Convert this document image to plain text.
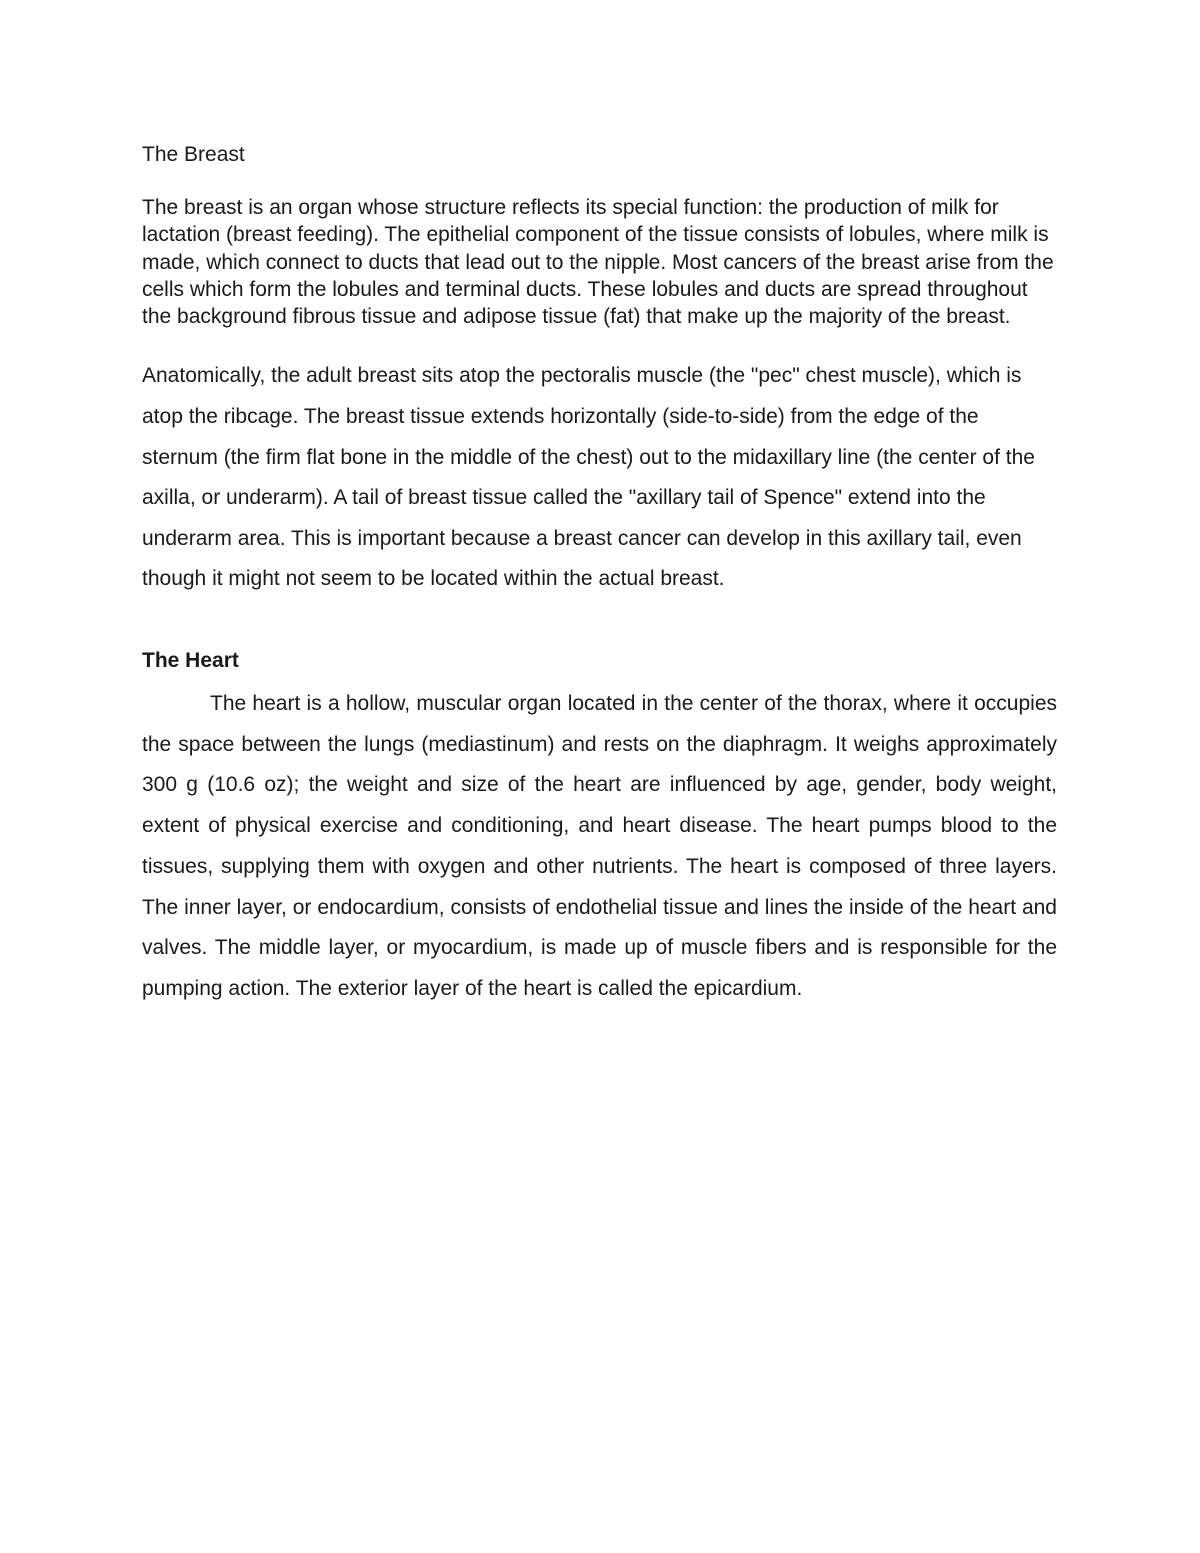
The Breast

The breast is an organ whose structure reflects its special function: the production of milk for lactation (breast feeding). The epithelial component of the tissue consists of lobules, where milk is made, which connect to ducts that lead out to the nipple. Most cancers of the breast arise from the cells which form the lobules and terminal ducts. These lobules and ducts are spread throughout the background fibrous tissue and adipose tissue (fat) that make up the majority of the breast.

Anatomically, the adult breast sits atop the pectoralis muscle (the "pec" chest muscle), which is atop the ribcage. The breast tissue extends horizontally (side-to-side) from the edge of the sternum (the firm flat bone in the middle of the chest) out to the midaxillary line (the center of the axilla, or underarm). A tail of breast tissue called the "axillary tail of Spence" extend into the underarm area. This is important because a breast cancer can develop in this axillary tail, even though it might not seem to be located within the actual breast.

The Heart

The heart is a hollow, muscular organ located in the center of the thorax, where it occupies the space between the lungs (mediastinum) and rests on the diaphragm. It weighs approximately 300 g (10.6 oz); the weight and size of the heart are influenced by age, gender, body weight, extent of physical exercise and conditioning, and heart disease. The heart pumps blood to the tissues, supplying them with oxygen and other nutrients. The heart is composed of three layers. The inner layer, or endocardium, consists of endothelial tissue and lines the inside of the heart and valves. The middle layer, or myocardium, is made up of muscle fibers and is responsible for the pumping action. The exterior layer of the heart is called the epicardium.
